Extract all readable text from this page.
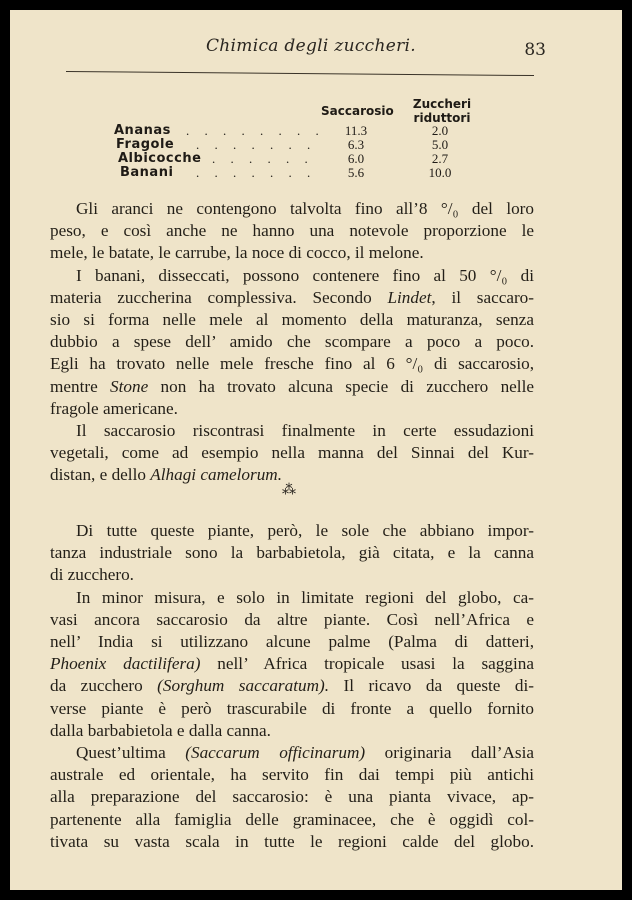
Chimica degli zuccheri.	83
Saccarosio Zuccheri
riduttori
Ananas . . . . . . . .	11.3	2.0
Fragole . . . . . . .	6.3	5.0
Albicocche . . . . . .	6.0	2.7
Banani . . . . . . .	5.6	10.0
Gli aranci ne contengono talvolta fino all’8 °/₀ del loro
peso, e così anche ne hanno una notevole proporzione le
mele, le batate, le carrube, la noce di cocco, il melone.
I banani, disseccati, possono contenere fino al 50 °/₀ di
materia zuccherina complessiva. Secondo Lindet, il saccaro-
sio si forma nelle mele al momento della maturanza, senza
dubbio a spese dell’ amido che scompare a poco a poco.
Egli ha trovato nelle mele fresche fino al 6 °/₀ di saccarosio,
mentre Stone non ha trovato alcuna specie di zucchero nelle
fragole americane.
Il saccarosio riscontrasi finalmente in certe essudazioni
vegetali, come ad esempio nella manna del Sinnai del Kur-
distan, e dello Alhagi camelorum.
⁂
Di tutte queste piante, però, le sole che abbiano impor-
tanza industriale sono la barbabietola, già citata, e la canna
di zucchero.
In minor misura, e solo in limitate regioni del globo, ca-
vasi ancora saccarosio da altre piante. Così nell’Africa e
nell’ India si utilizzano alcune palme (Palma di datteri,
Phoenix dactilifera) nell’ Africa tropicale usasi la saggina
da zucchero (Sorghum saccaratum). Il ricavo da queste di-
verse piante è però trascurabile di fronte a quello fornito
dalla barbabietola e dalla canna.
Quest’ultima (Saccarum officinarum) originaria dall’Asia
australe ed orientale, ha servito fin dai tempi più antichi
alla preparazione del saccarosio: è una pianta vivace, ap-
partenente alla famiglia delle graminacee, che è oggidì col-
tivata su vasta scala in tutte le regioni calde del globo.
